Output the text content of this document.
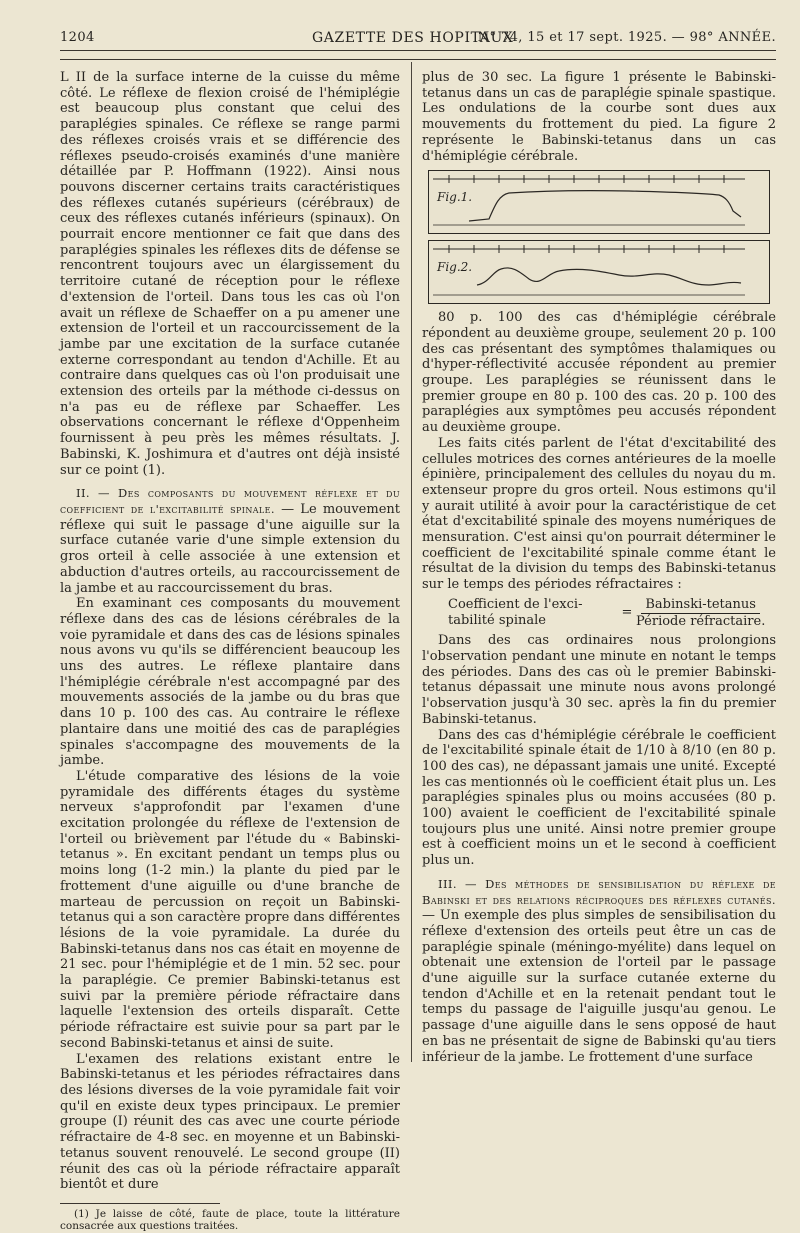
1204	GAZETTE DES HOPITAUX
N° 74, 15 et 17 sept. 1925. — 98° ANNÉE.

L II de la surface interne de la cuisse du même côté. Le réflexe de flexion croisé de l'hémiplégie est beaucoup plus constant que celui des paraplégies spinales. Ce réflexe se range parmi des réflexes croisés vrais et se différencie des réflexes pseudo-croisés examinés d'une manière détaillée par P. Hoffmann (1922). Ainsi nous pouvons discerner certains traits caractéristiques des réflexes cutanés supérieurs (cérébraux) de ceux des réflexes cutanés inférieurs (spinaux). On pourrait encore mentionner ce fait que dans des paraplégies spinales les réflexes dits de défense se rencontrent toujours avec un élargissement du territoire cutané de réception pour le réflexe d'extension de l'orteil. Dans tous les cas où l'on avait un réflexe de Schaeffer on a pu amener une extension de l'orteil et un raccourcissement de la jambe par une excitation de la surface cutanée externe correspondant au tendon d'Achille. Et au contraire dans quelques cas où l'on produisait une extension des orteils par la méthode ci-dessus on n'a pas eu de réflexe par Schaeffer. Les observations concernant le réflexe d'Oppenheim fournissent à peu près les mêmes résultats. J. Babinski, K. Joshimura et d'autres ont déjà insisté sur ce point (1).

II. — Des composants du mouvement réflexe et du coefficient de l'excitabilité spinale. — Le mouvement réflexe qui suit le passage d'une aiguille sur la surface cutanée varie d'une simple extension du gros orteil à celle associée à une extension et abduction d'autres orteils, au raccourcissement de la jambe et au raccourcissement du bras.

En examinant ces composants du mouvement réflexe dans des cas de lésions cérébrales de la voie pyramidale et dans des cas de lésions spinales nous avons vu qu'ils se différencient beaucoup les uns des autres. Le réflexe plantaire dans l'hémiplégie cérébrale n'est accompagné par des mouvements associés de la jambe ou du bras que dans 10 p. 100 des cas. Au contraire le réflexe plantaire dans une moitié des cas de paraplégies spinales s'accompagne des mouvements de la jambe.

L'étude comparative des lésions de la voie pyramidale des différents étages du système nerveux s'approfondit par l'examen d'une excitation prolongée du réflexe de l'extension de l'orteil ou brièvement par l'étude du « Babinski-tetanus ». En excitant pendant un temps plus ou moins long (1-2 min.) la plante du pied par le frottement d'une aiguille ou d'une branche de marteau de percussion on reçoit un Babinski-tetanus qui a son caractère propre dans différentes lésions de la voie pyramidale. La durée du Babinski-tetanus dans nos cas était en moyenne de 21 sec. pour l'hémiplégie et de 1 min. 52 sec. pour la paraplégie. Ce premier Babinski-tetanus est suivi par la première période réfractaire dans laquelle l'extension des orteils disparaît. Cette période réfractaire est suivie pour sa part par le second Babinski-tetanus et ainsi de suite.

L'examen des relations existant entre le Babinski-tetanus et les périodes réfractaires dans des lésions diverses de la voie pyramidale fait voir qu'il en existe deux types principaux. Le premier groupe (I) réunit des cas avec une courte période réfractaire de 4-8 sec. en moyenne et un Babinski-tetanus souvent renouvelé. Le second groupe (II) réunit des cas où la période réfractaire apparaît bientôt et dure

(1) Je laisse de côté, faute de place, toute la littérature consacrée aux questions traitées.

plus de 30 sec. La figure 1 présente le Babinski-tetanus dans un cas de paraplégie spinale spastique. Les ondulations de la courbe sont dues aux mouvements du frottement du pied. La figure 2 représente le Babinski-tetanus dans un cas d'hémiplégie cérébrale.

Fig.1.
Fig.2.

80 p. 100 des cas d'hémiplégie cérébrale répondent au deuxième groupe, seulement 20 p. 100 des cas présentant des symptômes thalamiques ou d'hyper-réflectivité accusée répondent au premier groupe. Les paraplégies se réunissent dans le premier groupe en 80 p. 100 des cas. 20 p. 100 des paraplégies aux symptômes peu accusés répondent au deuxième groupe.

Les faits cités parlent de l'état d'excitabilité des cellules motrices des cornes antérieures de la moelle épinière, principalement des cellules du noyau du m. extenseur propre du gros orteil. Nous estimons qu'il y aurait utilité à avoir pour la caractéristique de cet état d'excitabilité spinale des moyens numériques de mensuration. C'est ainsi qu'on pourrait déterminer le coefficient de l'excitabilité spinale comme étant le résultat de la division du temps des Babinski-tetanus sur le temps des périodes réfractaires :

Coefficient de l'exci-
tabilité spinale
= $\frac{\text{Babinski-tetanus}}{\text{Période réfractaire.}}$

Dans des cas ordinaires nous prolongions l'observation pendant une minute en notant le temps des périodes. Dans des cas où le premier Babinski-tetanus dépassait une minute nous avons prolongé l'observation jusqu'à 30 sec. après la fin du premier Babinski-tetanus.

Dans des cas d'hémiplégie cérébrale le coefficient de l'excitabilité spinale était de 1/10 à 8/10 (en 80 p. 100 des cas), ne dépassant jamais une unité. Excepté les cas mentionnés où le coefficient était plus un. Les paraplégies spinales plus ou moins accusées (80 p. 100) avaient le coefficient de l'excitabilité spinale toujours plus une unité. Ainsi notre premier groupe est à coefficient moins un et le second à coefficient plus un.

III. — Des méthodes de sensibilisation du réflexe de Babinski et des relations réciproques des réflexes cutanés. — Un exemple des plus simples de sensibilisation du réflexe d'extension des orteils peut être un cas de paraplégie spinale (méningo-myélite) dans lequel on obtenait une extension de l'orteil par le passage d'une aiguille sur la surface cutanée externe du tendon d'Achille et en la retenait pendant tout le temps du passage de l'aiguille jusqu'au genou. Le passage d'une aiguille dans le sens opposé de haut en bas ne présentait de signe de Babinski qu'au tiers inférieur de la jambe. Le frottement d'une surface
